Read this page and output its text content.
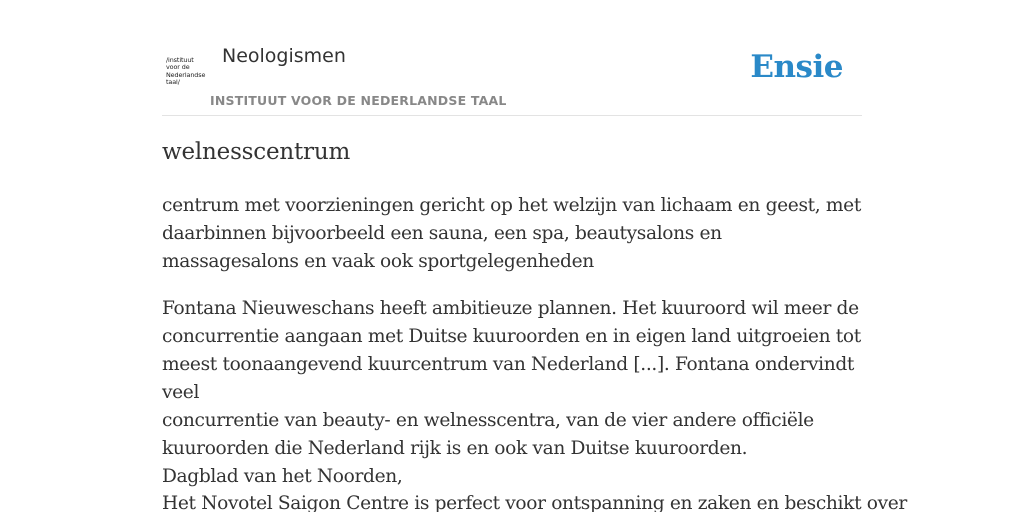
/instituut
voor de
Nederlandse
taal/
Neologismen
INSTITUUT VOOR DE NEDERLANDSE TAAL
Ensie
welnesscentrum

centrum met voorzieningen gericht op het welzijn van lichaam en geest, met daarbinnen bijvoorbeeld een sauna, een spa, beautysalons en massagesalons en vaak ook sportgelegenheden

Fontana Nieuweschans heeft ambitieuze plannen. Het kuuroord wil meer de
concurrentie aangaan met Duitse kuuroorden en in eigen land uitgroeien tot
meest toonaangevend kuurcentrum van Nederland [...]. Fontana ondervindt veel
concurrentie van beauty- en welnesscentra, van de vier andere officiële
kuuroorden die Nederland rijk is en ook van Duitse kuuroorden.

Dagblad van het Noorden,
Het Novotel Saigon Centre is perfect voor ontspanning en zaken en beschikt over
